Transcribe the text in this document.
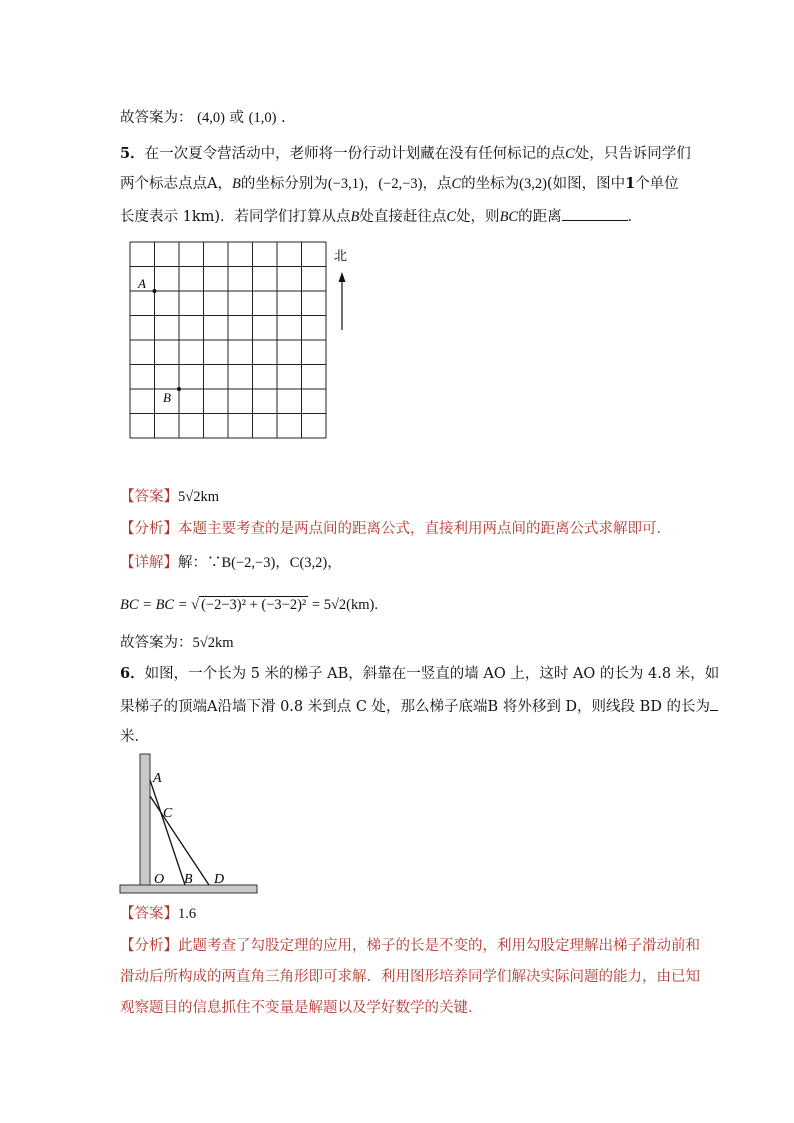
故答案为： (4,0) 或 (1,0) .
5．在一次夏令营活动中，老师将一份行动计划藏在没有任何标记的点C处，只告诉同学们
两个标志点点A，B的坐标分别为(−3,1)，(−2,−3)，点C的坐标为(3,2)(如图，图中1个单位
长度表示 1km)．若同学们打算从点B处直接赶往点C处，则BC的距离	．
A
B
北
【答案】5√2km
【分析】本题主要考查的是两点间的距离公式，直接利用两点间的距离公式求解即可．
【详解】解：∵B(−2,−3)，C(3,2)，
BC = BC = √ (−2−3)² + (−3−2)² = 5√2(km).
故答案为：5√2km
6．如图，一个长为 5 米的梯子 AB，斜靠在一竖直的墙 AO 上，这时 AO 的长为 4.8 米，如
果梯子的顶端A沿墙下滑 0.8 米到点 C 处，那么梯子底端B 将外移到 D，则线段 BD 的长为
米．
A
C
O B D
【答案】1.6
【分析】此题考查了勾股定理的应用，梯子的长是不变的，利用勾股定理解出梯子滑动前和
滑动后所构成的两直角三角形即可求解．利用图形培养同学们解决实际问题的能力，由已知
观察题目的信息抓住不变量是解题以及学好数学的关键．
